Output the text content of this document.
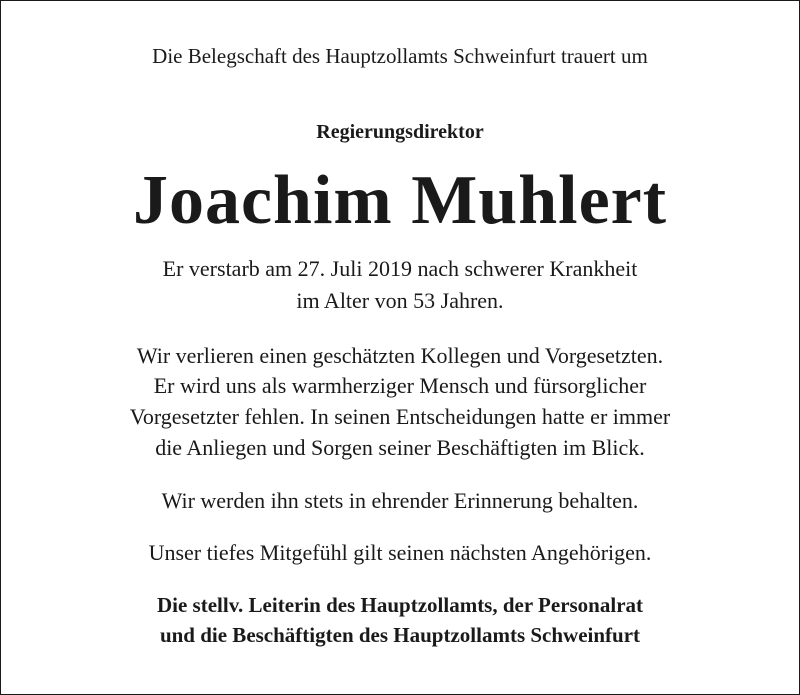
Die Belegschaft des Hauptzollamts Schweinfurt trauert um
Regierungsdirektor
Joachim Muhlert
Er verstarb am 27. Juli 2019 nach schwerer Krankheit
im Alter von 53 Jahren.
Wir verlieren einen geschätzten Kollegen und Vorgesetzten.
Er wird uns als warmherziger Mensch und fürsorglicher
Vorgesetzter fehlen. In seinen Entscheidungen hatte er immer
die Anliegen und Sorgen seiner Beschäftigten im Blick.
Wir werden ihn stets in ehrender Erinnerung behalten.
Unser tiefes Mitgefühl gilt seinen nächsten Angehörigen.
Die stellv. Leiterin des Hauptzollamts, der Personalrat
und die Beschäftigten des Hauptzollamts Schweinfurt
